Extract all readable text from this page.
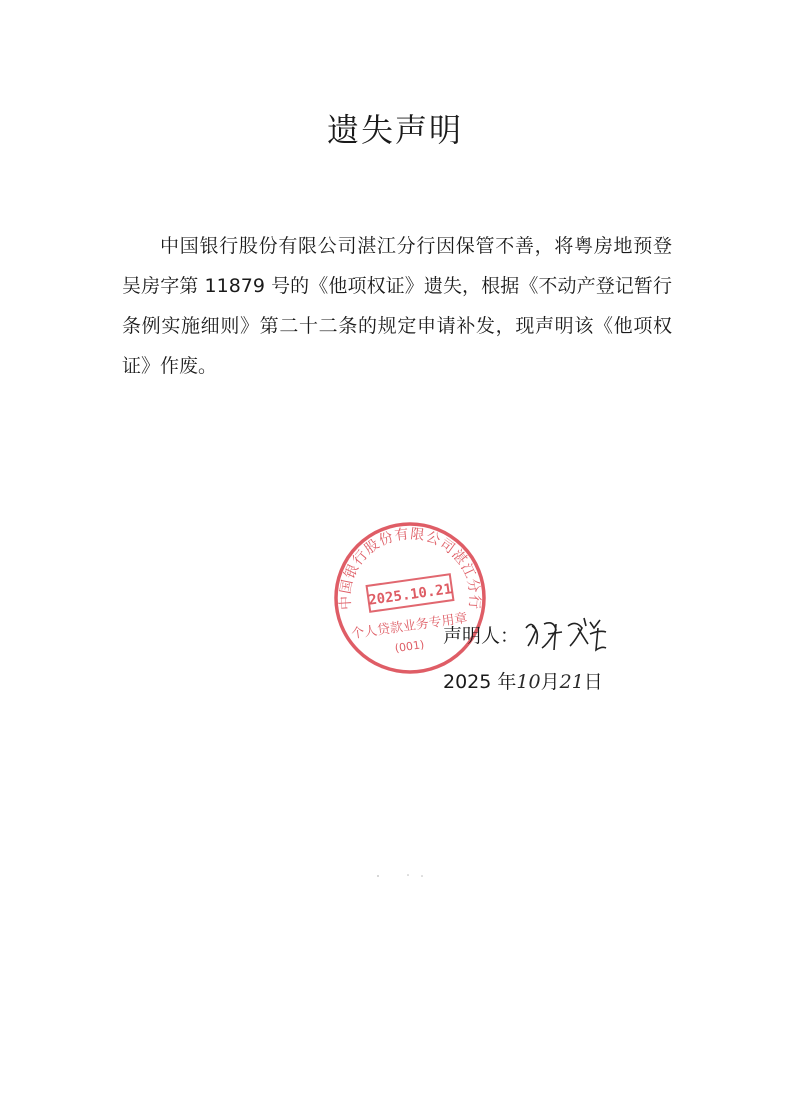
遗失声明

中国银行股份有限公司湛江分行因保管不善，将粤房地预登吴房字第 11879 号的《他项权证》遗失，根据《不动产登记暂行条例实施细则》第二十二条的规定申请补发，现声明该《他项权证》作废。

中国银行股份有限公司湛江分行
2025.10.21
个人贷款业务专用章
(001) 声明人：
2025 年10月21日
